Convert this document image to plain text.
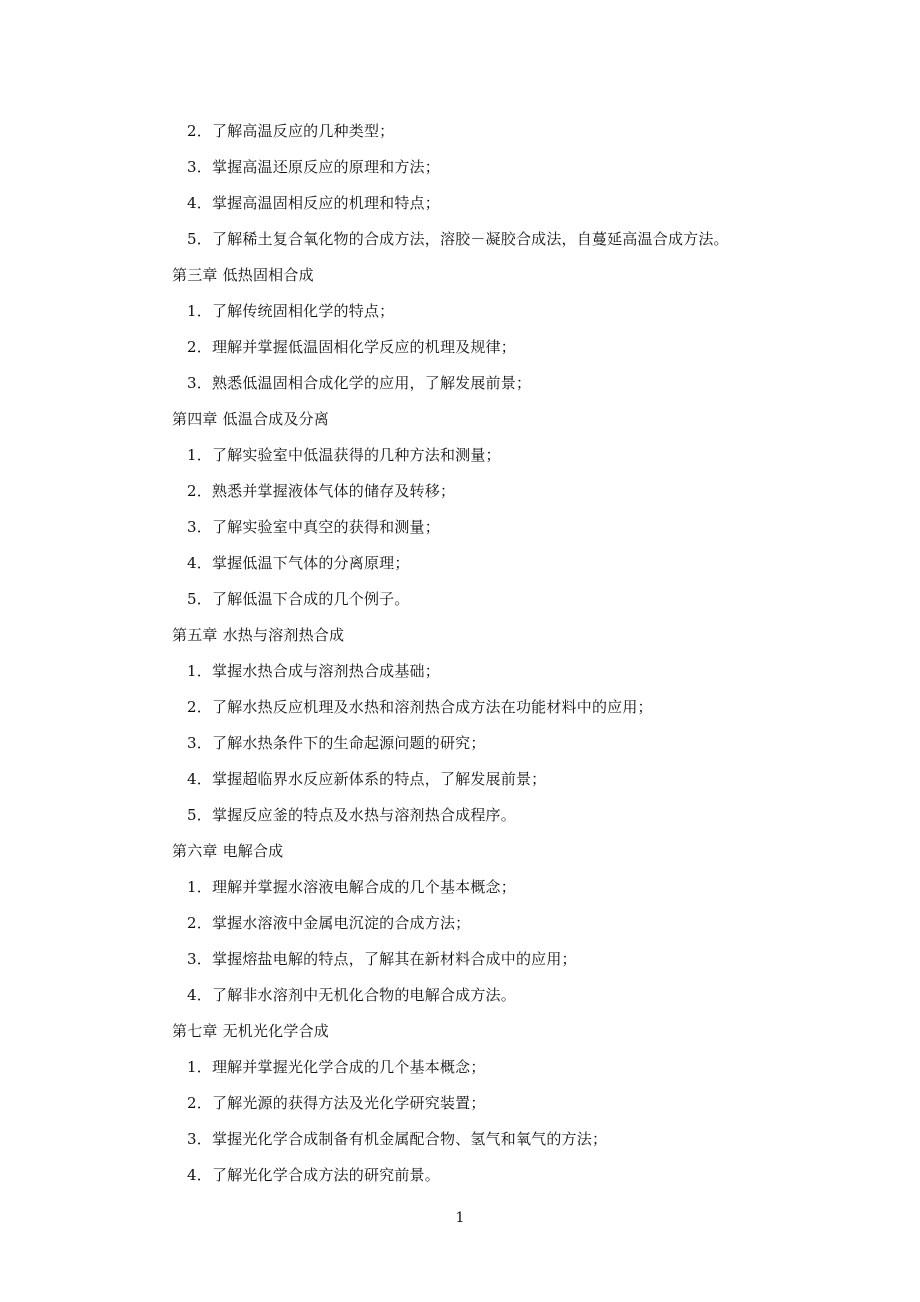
2．了解高温反应的几种类型；
3．掌握高温还原反应的原理和方法；
4．掌握高温固相反应的机理和特点；
5．了解稀土复合氧化物的合成方法，溶胶－凝胶合成法，自蔓延高温合成方法。
第三章 低热固相合成
1．了解传统固相化学的特点；
2．理解并掌握低温固相化学反应的机理及规律；
3．熟悉低温固相合成化学的应用，了解发展前景；
第四章 低温合成及分离
1．了解实验室中低温获得的几种方法和测量；
2．熟悉并掌握液体气体的储存及转移；
3．了解实验室中真空的获得和测量；
4．掌握低温下气体的分离原理；
5．了解低温下合成的几个例子。
第五章 水热与溶剂热合成
1．掌握水热合成与溶剂热合成基础；
2．了解水热反应机理及水热和溶剂热合成方法在功能材料中的应用；
3．了解水热条件下的生命起源问题的研究；
4．掌握超临界水反应新体系的特点，了解发展前景；
5．掌握反应釜的特点及水热与溶剂热合成程序。
第六章 电解合成
1．理解并掌握水溶液电解合成的几个基本概念；
2．掌握水溶液中金属电沉淀的合成方法；
3．掌握熔盐电解的特点，了解其在新材料合成中的应用；
4．了解非水溶剂中无机化合物的电解合成方法。
第七章 无机光化学合成
1．理解并掌握光化学合成的几个基本概念；
2．了解光源的获得方法及光化学研究装置；
3．掌握光化学合成制备有机金属配合物、氢气和氧气的方法；
4．了解光化学合成方法的研究前景。
1
